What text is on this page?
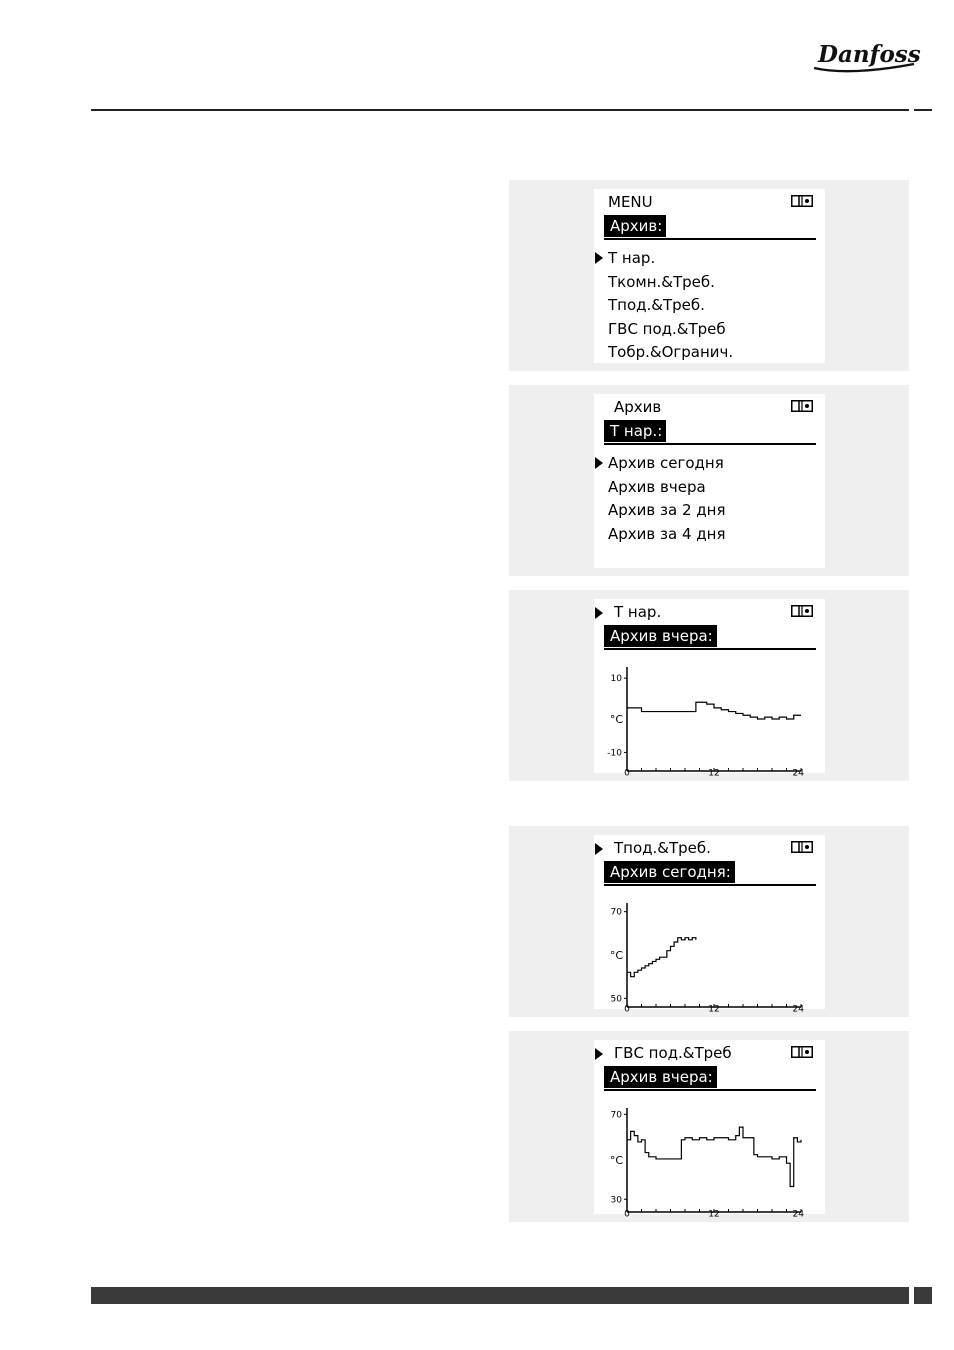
Danfoss
MENU
Архив:
T нар.
Tкомн.&Треб.
Tпод.&Треб.
ГВС под.&Треб
Tобр.&Огранич.
Архив
T нар.:
Архив сегодня
Архив вчера
Архив за 2 дня
Архив за 4 дня
T нар.
Архив вчера:
10
-10
°C
0	12	24
Tпод.&Треб.
Архив сегодня:
70
50
°C
0	12	24
ГВС под.&Треб
Архив вчера:
70
30
°C
0	12	24
